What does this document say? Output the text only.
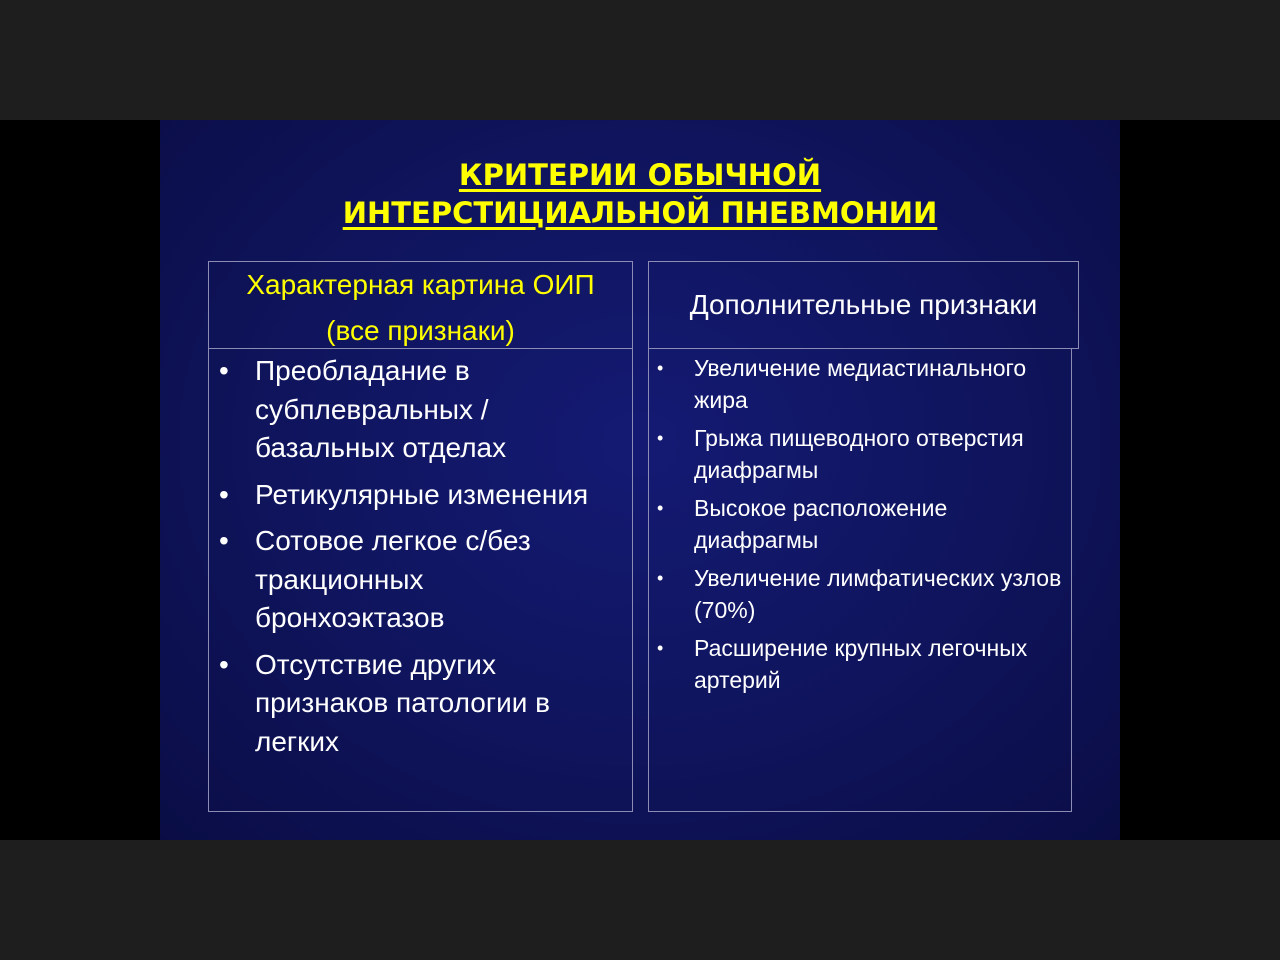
КРИТЕРИИ ОБЫЧНОЙ
ИНТЕРСТИЦИАЛЬНОЙ ПНЕВМОНИИ
Характерная картина ОИП
(все признаки)
Дополнительные признаки
• Преобладание в субплевральных / базальных отделах
• Ретикулярные изменения
• Сотовое легкое с/без тракционных бронхоэктазов
• Отсутствие других признаков патологии в легких
• Увеличение медиастинального жира
• Грыжа пищеводного отверстия диафрагмы
• Высокое расположение диафрагмы
• Увеличение лимфатических узлов (70%)
• Расширение крупных легочных артерий
